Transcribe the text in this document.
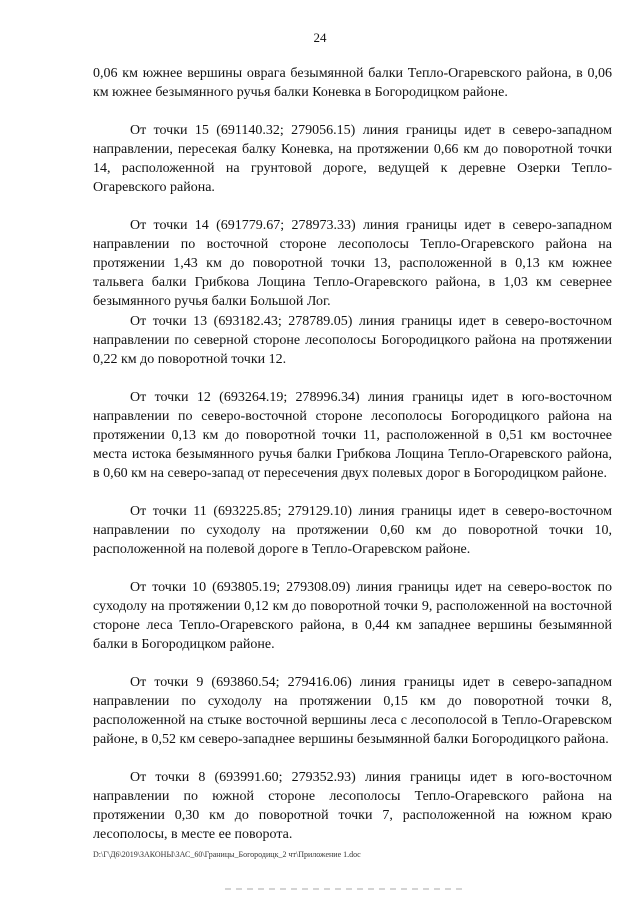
24

0,06 км южнее вершины оврага безымянной балки Тепло-Огаревского района, в 0,06 км южнее безымянного ручья балки Коневка в Богородицком районе.

От точки 15 (691140.32; 279056.15) линия границы идет в северо-западном направлении, пересекая балку Коневка, на протяжении 0,66 км до поворотной точки 14, расположенной на грунтовой дороге, ведущей к деревне Озерки Тепло-Огаревского района.

От точки 14 (691779.67; 278973.33) линия границы идет в северо-западном направлении по восточной стороне лесополосы Тепло-Огаревского района на протяжении 1,43 км до поворотной точки 13, расположенной в 0,13 км южнее тальвега балки Грибкова Лощина Тепло-Огаревского района, в 1,03 км севернее безымянного ручья балки Большой Лог.

От точки 13 (693182.43; 278789.05) линия границы идет в северо-восточном направлении по северной стороне лесополосы Богородицкого района на протяжении 0,22 км до поворотной точки 12.

От точки 12 (693264.19; 278996.34) линия границы идет в юго-восточном направлении по северо-восточной стороне лесополосы Богородицкого района на протяжении 0,13 км до поворотной точки 11, расположенной в 0,51 км восточнее места истока безымянного ручья балки Грибкова Лощина Тепло-Огаревского района, в 0,60 км на северо-запад от пересечения двух полевых дорог в Богородицком районе.

От точки 11 (693225.85; 279129.10) линия границы идет в северо-восточном направлении по суходолу на протяжении 0,60 км до поворотной точки 10, расположенной на полевой дороге в Тепло-Огаревском районе.

От точки 10 (693805.19; 279308.09) линия границы идет на северо-восток по суходолу на протяжении 0,12 км до поворотной точки 9, расположенной на восточной стороне леса Тепло-Огаревского района, в 0,44 км западнее вершины безымянной балки в Богородицком районе.

От точки 9 (693860.54; 279416.06) линия границы идет в северо-западном направлении по суходолу на протяжении 0,15 км до поворотной точки 8, расположенной на стыке восточной вершины леса с лесополосой в Тепло-Огаревском районе, в 0,52 км северо-западнее вершины безымянной балки Богородицкого района.

От точки 8 (693991.60; 279352.93) линия границы идет в юго-восточном направлении по южной стороне лесополосы Тепло-Огаревского района на протяжении 0,30 км до поворотной точки 7, расположенной на южном краю лесополосы, в месте ее поворота.

D:\Г\Д6\2019\ЗАКОНЫ\ЗАС_60\Границы_Богородицк_2 чт\Приложение 1.doc
